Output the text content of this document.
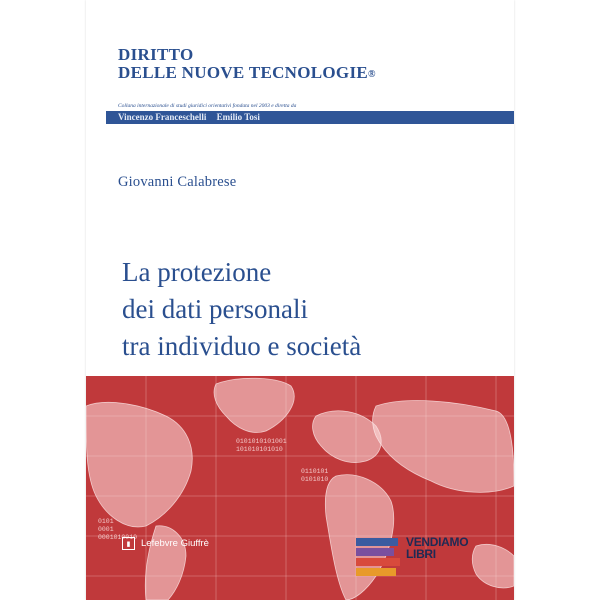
DIRITTO
DELLE NUOVE TECNOLOGIE®
Collana internazionale di studi giuridici orientativi fondata nel 2003 e diretta da
Vincenzo Franceschelli Emilio Tosi
Giovanni Calabrese
La protezione
dei dati personali
tra individuo e società
0101
0001
0001010010
0101010101001
101010101010
0110101
0101010
▮	Lefebvre Giuffrè	VENDIAMO
LIBRI
